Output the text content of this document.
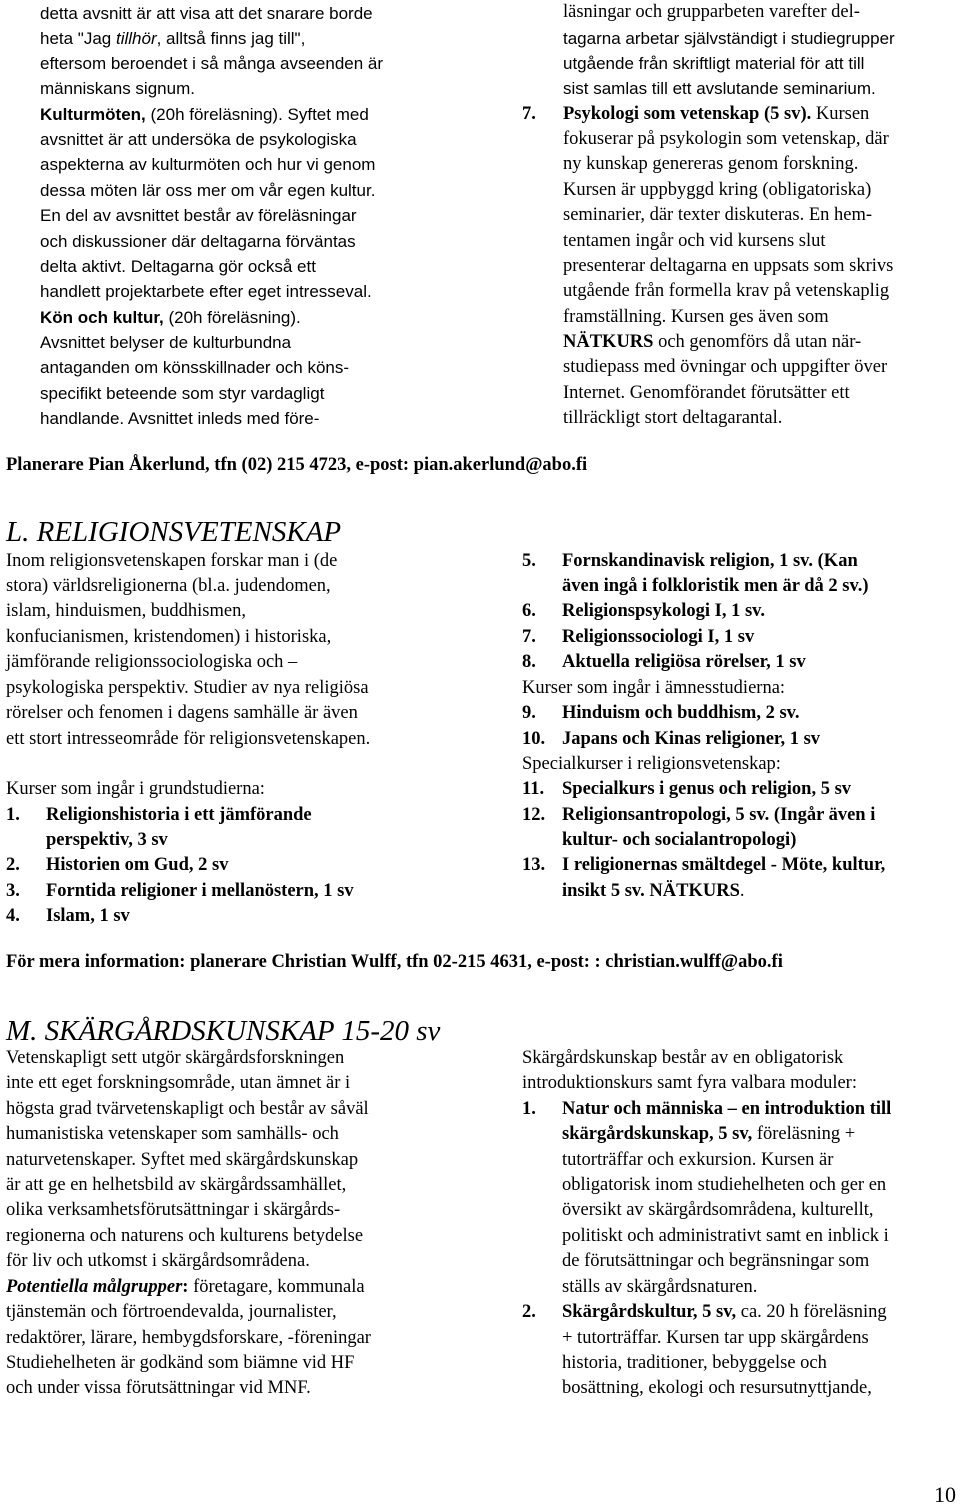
detta avsnitt är att visa att det snarare borde
heta "Jag tillhör, alltså finns jag till",
eftersom beroendet i så många avseenden är
människans signum.
Kulturmöten, (20h föreläsning). Syftet med
avsnittet är att undersöka de psykologiska
aspekterna av kulturmöten och hur vi genom
dessa möten lär oss mer om vår egen kultur.
En del av avsnittet består av föreläsningar
och diskussioner där deltagarna förväntas
delta aktivt. Deltagarna gör också ett
handlett projektarbete efter eget intresseval.
Kön och kultur, (20h föreläsning).
Avsnittet belyser de kulturbundna
antaganden om könsskillnader och köns-
specifikt beteende som styr vardagligt
handlande. Avsnittet inleds med före-
läsningar och grupparbeten varefter del-
tagarna arbetar självständigt i studiegrupper
utgående från skriftligt material för att till
sist samlas till ett avslutande seminarium.
7. Psykologi som vetenskap (5 sv). Kursen
fokuserar på psykologin som vetenskap, där
ny kunskap genereras genom forskning.
Kursen är uppbyggd kring (obligatoriska)
seminarier, där texter diskuteras. En hem-
tentamen ingår och vid kursens slut
presenterar deltagarna en uppsats som skrivs
utgående från formella krav på vetenskaplig
framställning. Kursen ges även som
NÄTKURS och genomförs då utan när-
studiepass med övningar och uppgifter över
Internet. Genomförandet förutsätter ett
tillräckligt stort deltagarantal.
Planerare Pian Åkerlund, tfn (02) 215 4723, e-post: pian.akerlund@abo.fi
L. RELIGIONSVETENSKAP
Inom religionsvetenskapen forskar man i (de
stora) världsreligionerna (bl.a. judendomen,
islam, hinduismen, buddhismen,
konfucianismen, kristendomen) i historiska,
jämförande religionssociologiska och –
psykologiska perspektiv. Studier av nya religiösa
rörelser och fenomen i dagens samhälle är även
ett stort intresseområde för religionsvetenskapen.
Kurser som ingår i grundstudierna:
1. Religionshistoria i ett jämförande
perspektiv, 3 sv
2. Historien om Gud, 2 sv
3. Forntida religioner i mellanöstern, 1 sv
4. Islam, 1 sv
5. Fornskandinavisk religion, 1 sv. (Kan
även ingå i folkloristik men är då 2 sv.)
6. Religionspsykologi I, 1 sv.
7. Religionssociologi I, 1 sv
8. Aktuella religiösa rörelser, 1 sv
Kurser som ingår i ämnesstudierna:
9. Hinduism och buddhism, 2 sv.
10. Japans och Kinas religioner, 1 sv
Specialkurser i religionsvetenskap:
11. Specialkurs i genus och religion, 5 sv
12. Religionsantropologi, 5 sv. (Ingår även i
kultur- och socialantropologi)
13. I religionernas smältdegel - Möte, kultur,
insikt 5 sv. NÄTKURS.
För mera information: planerare Christian Wulff, tfn 02-215 4631, e-post: : christian.wulff@abo.fi
M. SKÄRGÅRDSKUNSKAP 15-20 sv
Vetenskapligt sett utgör skärgårdsforskningen
inte ett eget forskningsområde, utan ämnet är i
högsta grad tvärvetenskapligt och består av såväl
humanistiska vetenskaper som samhälls- och
naturvetenskaper. Syftet med skärgårdskunskap
är att ge en helhetsbild av skärgårdssamhället,
olika verksamhetsförutsättningar i skärgårds-
regionerna och naturens och kulturens betydelse
för liv och utkomst i skärgårdsområdena.
Potentiella målgrupper: företagare, kommunala
tjänstemän och förtroendevalda, journalister,
redaktörer, lärare, hembygdsforskare, -föreningar
Studiehelheten är godkänd som biämne vid HF
och under vissa förutsättningar vid MNF.
Skärgårdskunskap består av en obligatorisk
introduktionskurs samt fyra valbara moduler:
1. Natur och människa – en introduktion till
skärgårdskunskap, 5 sv, föreläsning +
tutorträffar och exkursion. Kursen är
obligatorisk inom studiehelheten och ger en
översikt av skärgårdsområdena, kulturellt,
politiskt och administrativt samt en inblick i
de förutsättningar och begränsningar som
ställs av skärgårdsnaturen.
2. Skärgårdskultur, 5 sv, ca. 20 h föreläsning
+ tutorträffar. Kursen tar upp skärgårdens
historia, traditioner, bebyggelse och
bosättning, ekologi och resursutnyttjande,
10
